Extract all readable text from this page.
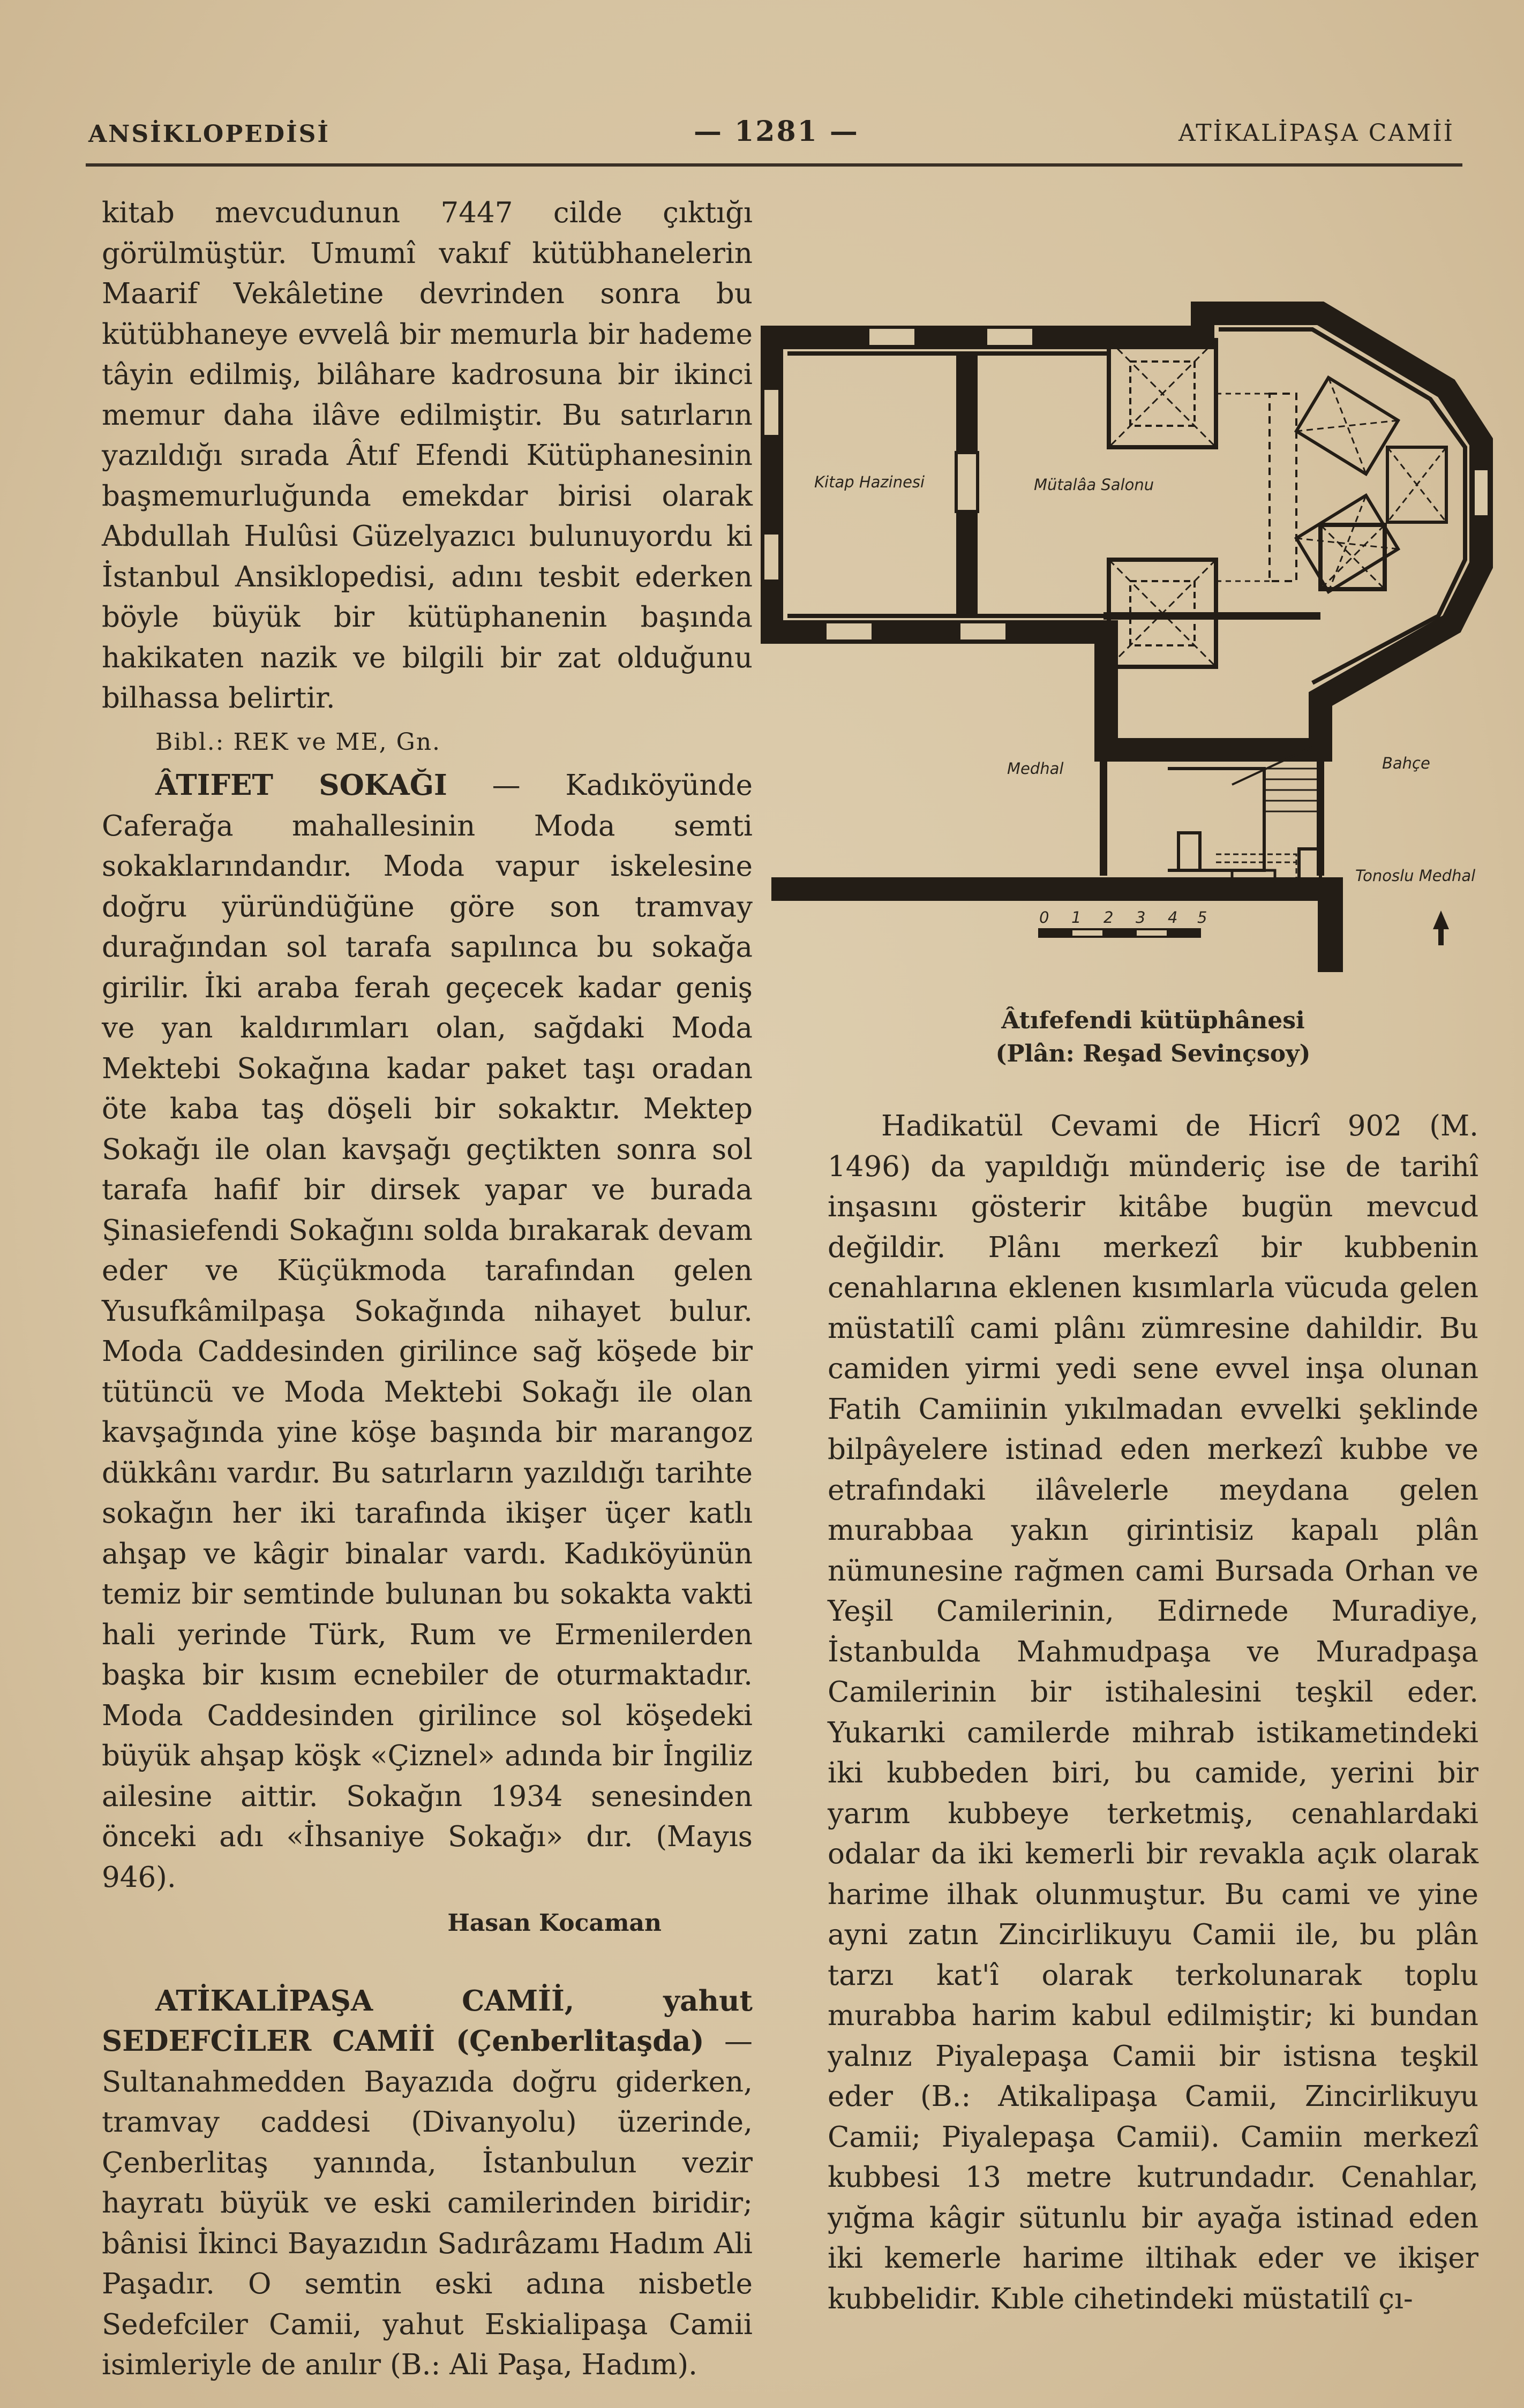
ANSİKLOPEDİSİ	— 1281 —	ATİKALİPAŞA CAMİİ

kitab mevcudunun 7447 cilde çıktığı görülmüştür. Umumî vakıf kütübhanelerin Maarif Vekâletine devrinden sonra bu kütübhaneye evvelâ bir memurla bir hademe tâyin edilmiş, bilâhare kadrosuna bir ikinci memur daha ilâve edilmiştir. Bu satırların yazıldığı sırada Âtıf Efendi Kütüphanesinin başmemurluğunda emekdar birisi olarak Abdullah Hulûsi Güzelyazıcı bulunuyordu ki İstanbul Ansiklopedisi, adını tesbit ederken böyle büyük bir kütüphanenin başında hakikaten nazik ve bilgili bir zat olduğunu bilhassa belirtir.

Bibl.: REK ve ME, Gn.

ÂTIFET SOKAĞI — Kadıköyünde Caferağa mahallesinin Moda semti sokaklarındandır. Moda vapur iskelesine doğru yüründüğüne göre son tramvay durağından sol tarafa sapılınca bu sokağa girilir. İki araba ferah geçecek kadar geniş ve yan kaldırımları olan, sağdaki Moda Mektebi Sokağına kadar paket taşı oradan öte kaba taş döşeli bir sokaktır. Mektep Sokağı ile olan kavşağı geçtikten sonra sol tarafa hafif bir dirsek yapar ve burada Şinasiefendi Sokağını solda bırakarak devam eder ve Küçükmoda tarafından gelen Yusufkâmilpaşa Sokağında nihayet bulur. Moda Caddesinden girilince sağ köşede bir tütüncü ve Moda Mektebi Sokağı ile olan kavşağında yine köşe başında bir marangoz dükkânı vardır. Bu satırların yazıldığı tarihte sokağın her iki tarafında ikişer üçer katlı ahşap ve kâgir binalar vardı. Kadıköyünün temiz bir semtinde bulunan bu sokakta vakti hali yerinde Türk, Rum ve Ermenilerden başka bir kısım ecnebiler de oturmaktadır. Moda Caddesinden girilince sol köşedeki büyük ahşap köşk «Çiznel» adında bir İngiliz ailesine aittir. Sokağın 1934 senesinden önceki adı «İhsaniye Sokağı» dır. (Mayıs 946).

Hasan Kocaman

ATİKALİPAŞA CAMİİ, yahut SEDEFCİLER CAMİİ (Çenberlitaşda) — Sultanahmedden Bayazıda doğru giderken, tramvay caddesi (Divanyolu) üzerinde, Çenberlitaş yanında, İstanbulun vezir hayratı büyük ve eski camilerinden biridir; bânisi İkinci Bayazıdın Sadırâzamı Hadım Ali Paşadır. O semtin eski adına nisbetle Sedefciler Camii, yahut Eskialipaşa Camii isimleriyle de anılır (B.: Ali Paşa, Hadım).

0 1 2 3 4 5
Kitap Hazinesi	Mütalâa Salonu
Medhal	Bahçe
Tonoslu Medhal
Âtıfefendi kütüphânesi
(Plân: Reşad Sevinçsoy)

Hadikatül Cevami de Hicrî 902 (M. 1496) da yapıldığı münderiç ise de tarihî inşasını gösterir kitâbe bugün mevcud değildir. Plânı merkezî bir kubbenin cenahlarına eklenen kısımlarla vücuda gelen müstatilî cami plânı zümresine dahildir. Bu camiden yirmi yedi sene evvel inşa olunan Fatih Camiinin yıkılmadan evvelki şeklinde bilpâyelere istinad eden merkezî kubbe ve etrafındaki ilâvelerle meydana gelen murabbaa yakın girintisiz kapalı plân nümunesine rağmen cami Bursada Orhan ve Yeşil Camilerinin, Edirnede Muradiye, İstanbulda Mahmudpaşa ve Muradpaşa Camilerinin bir istihalesini teşkil eder. Yukarıki camilerde mihrab istikametindeki iki kubbeden biri, bu camide, yerini bir yarım kubbeye terketmiş, cenahlardaki odalar da iki kemerli bir revakla açık olarak harime ilhak olunmuştur. Bu cami ve yine ayni zatın Zincirlikuyu Camii ile, bu plân tarzı kat'î olarak terkolunarak toplu murabba harim kabul edilmiştir; ki bundan yalnız Piyalepaşa Camii bir istisna teşkil eder (B.: Atikalipaşa Camii, Zincirlikuyu Camii; Piyalepaşa Camii). Camiin merkezî kubbesi 13 metre kutrundadır. Cenahlar, yığma kâgir sütunlu bir ayağa istinad eden iki kemerle harime iltihak eder ve ikişer kubbelidir. Kıble cihetindeki müstatilî çı-
